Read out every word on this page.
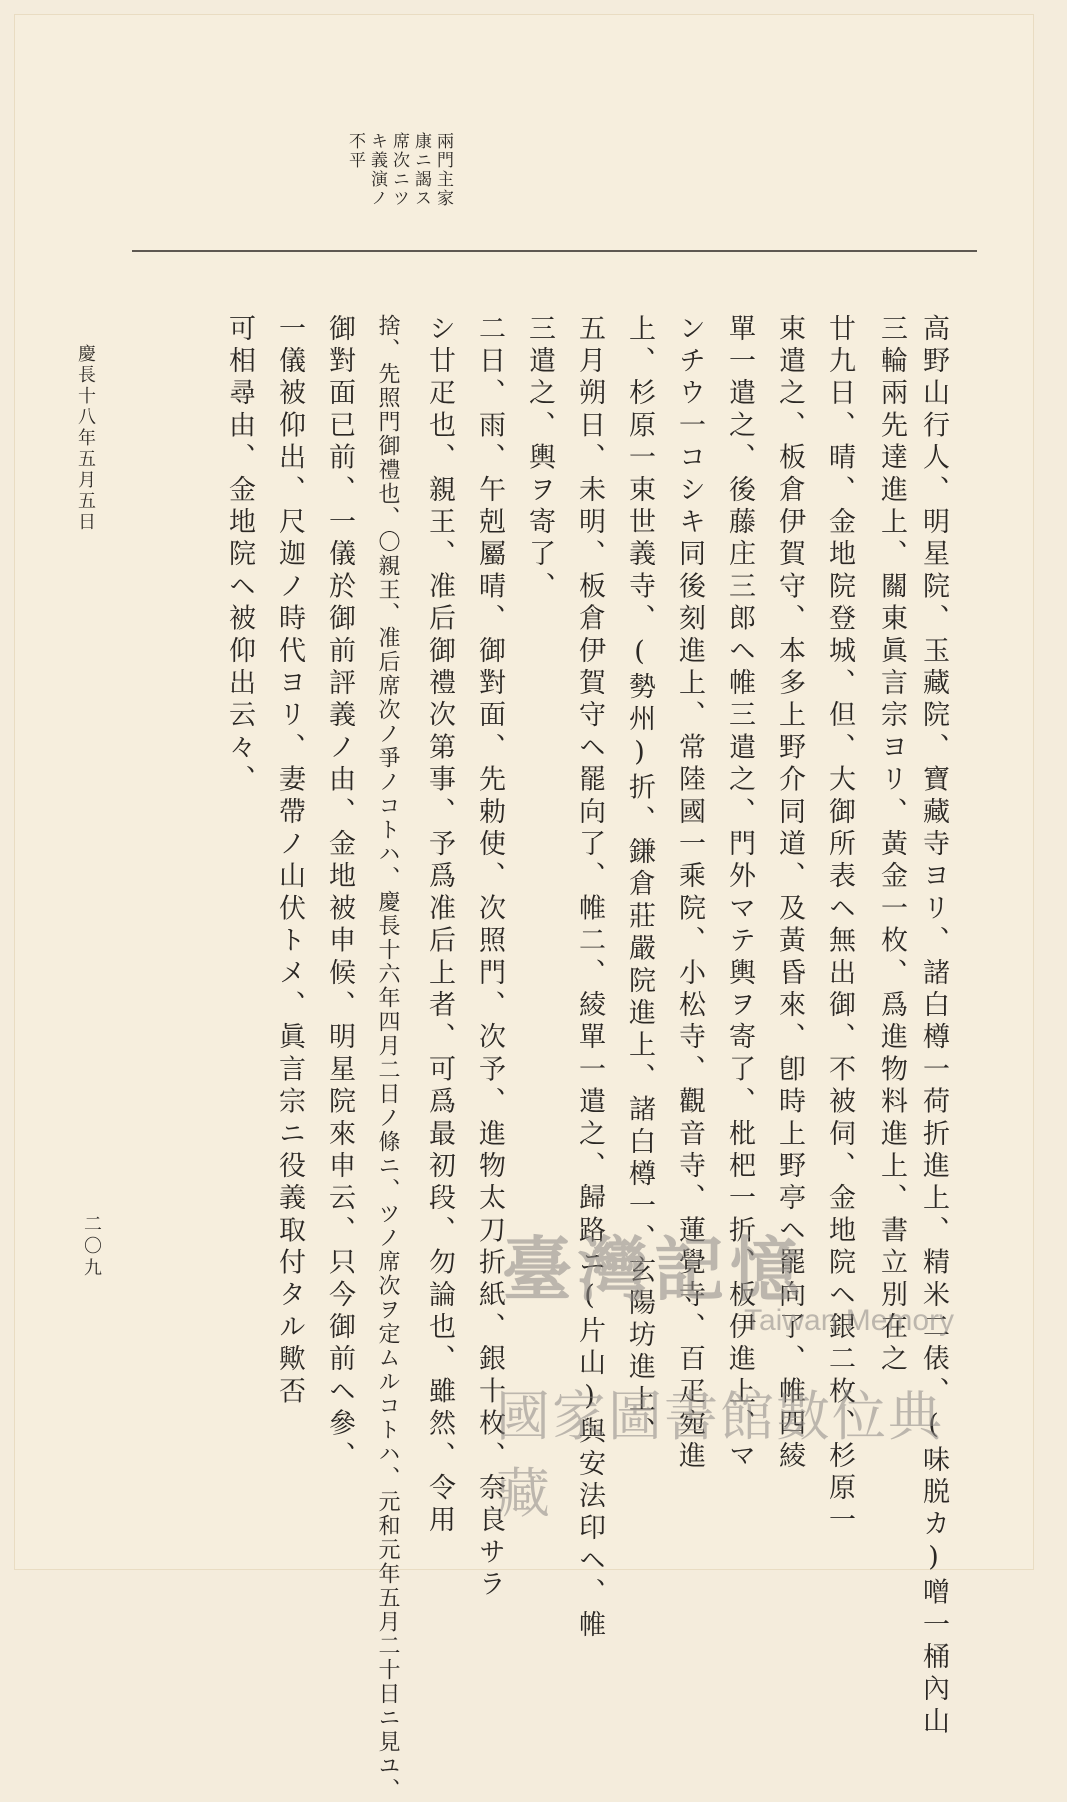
兩門主家
康ニ謁ス
席次ニツ
キ義演ノ
不平
高野山行人、明星院、玉藏院、寶藏寺ヨリ、諸白樽一荷折進上、精米二俵、(味脱カ)噌一桶內山
三輪兩先達進上、關東眞言宗ヨリ、黃金一枚、爲進物料進上、書立別在之
廿九日、晴、金地院登城、但、大御所表ヘ無出御、不被伺、金地院ヘ銀二枚、杉原一
束遣之、板倉伊賀守、本多上野介同道、及黃昏來、卽時上野亭ヘ罷向了、帷四綾
單一遣之、後藤庄三郎ヘ帷三遣之、門外マテ輿ヲ寄了、枇杷一折、板伊進上、マ
ンチウ一コシキ同後刻進上、常陸國一乘院、小松寺、觀音寺、蓮覺寺、百疋宛進
上、杉原一束世義寺、(勢州)折、鎌倉莊嚴院進上、諸白樽一、玄陽坊進上、
五月朔日、未明、板倉伊賀守ヘ罷向了、帷二、綾單一遣之、歸路ニ(片山)與安法印ヘ、帷
三遣之、輿ヲ寄了、
二日、雨、午剋屬晴、御對面、先勅使、次照門、次予、進物太刀折紙、銀十枚、奈良サラ
シ廿疋也、親王、准后御禮次第事、予爲准后上者、可爲最初段、勿論也、雖然、令用
捨、先照門御禮也、〇親王、准后席次ノ爭ノコトハ、慶長十六年四月二日ノ條ニ、ツノ席次ヲ定ムルコトハ、元和元年五月二十日ニ見ユ、
御對面已前、一儀於御前評義ノ由、金地被申候、明星院來申云、只今御前ヘ參、
一儀被仰出、尺迦ノ時代ヨリ、妻帶ノ山伏トメ、眞言宗ニ役義取付タル歟否
可相尋由、金地院ヘ被仰出云々、
慶長十八年五月五日
二〇九	臺灣記憶
Taiwan Memory
國家圖書館數位典藏
